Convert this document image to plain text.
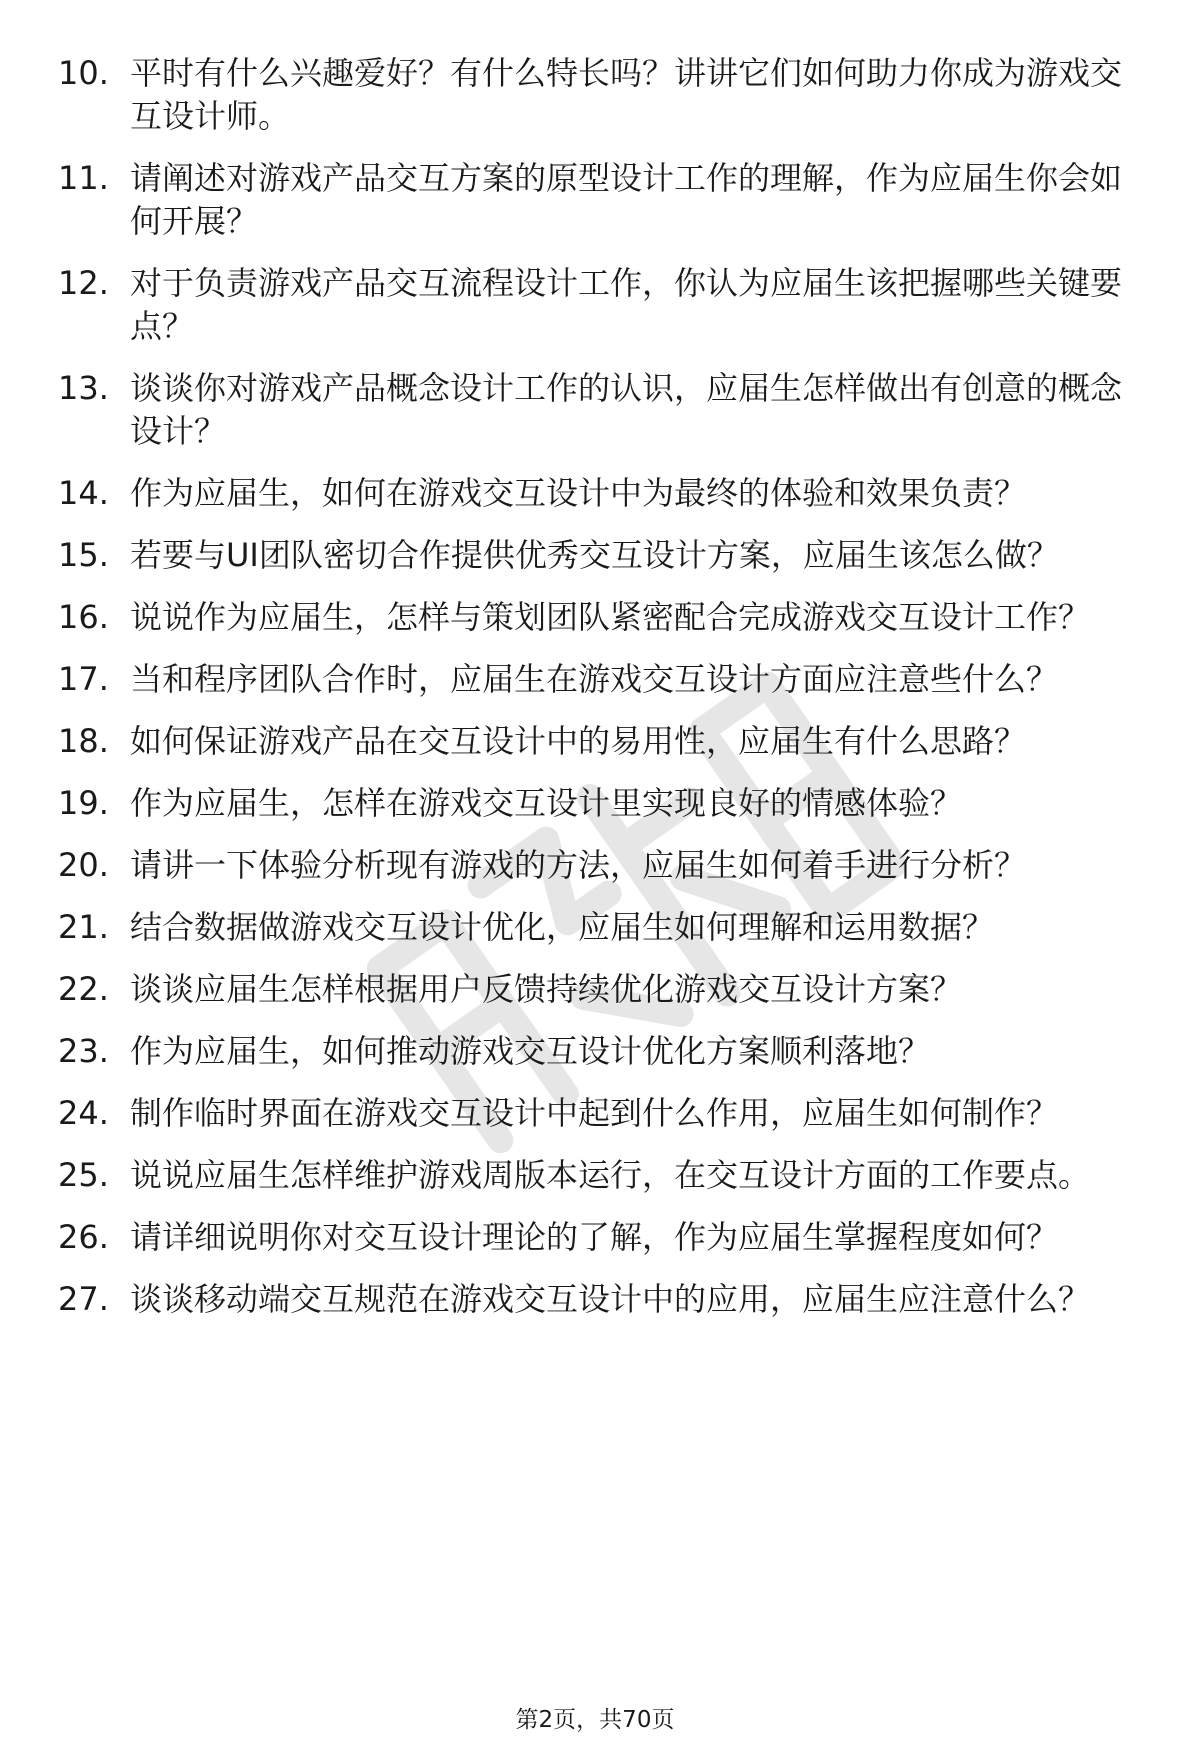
10. 平时有什么兴趣爱好？有什么特长吗？讲讲它们如何助力你成为游戏交互设计师。
11. 请阐述对游戏产品交互方案的原型设计工作的理解，作为应届生你会如何开展？
12. 对于负责游戏产品交互流程设计工作，你认为应届生该把握哪些关键要点？
13. 谈谈你对游戏产品概念设计工作的认识，应届生怎样做出有创意的概念设计？
14. 作为应届生，如何在游戏交互设计中为最终的体验和效果负责？
15. 若要与UI团队密切合作提供优秀交互设计方案，应届生该怎么做？
16. 说说作为应届生，怎样与策划团队紧密配合完成游戏交互设计工作？
17. 当和程序团队合作时，应届生在游戏交互设计方面应注意些什么？
18. 如何保证游戏产品在交互设计中的易用性，应届生有什么思路？
19. 作为应届生，怎样在游戏交互设计里实现良好的情感体验？
20. 请讲一下体验分析现有游戏的方法，应届生如何着手进行分析？
21. 结合数据做游戏交互设计优化，应届生如何理解和运用数据？
22. 谈谈应届生怎样根据用户反馈持续优化游戏交互设计方案？
23. 作为应届生，如何推动游戏交互设计优化方案顺利落地？
24. 制作临时界面在游戏交互设计中起到什么作用，应届生如何制作？
25. 说说应届生怎样维护游戏周版本运行，在交互设计方面的工作要点。
26. 请详细说明你对交互设计理论的了解，作为应届生掌握程度如何？
27. 谈谈移动端交互规范在游戏交互设计中的应用，应届生应注意什么？
第2页，共70页
